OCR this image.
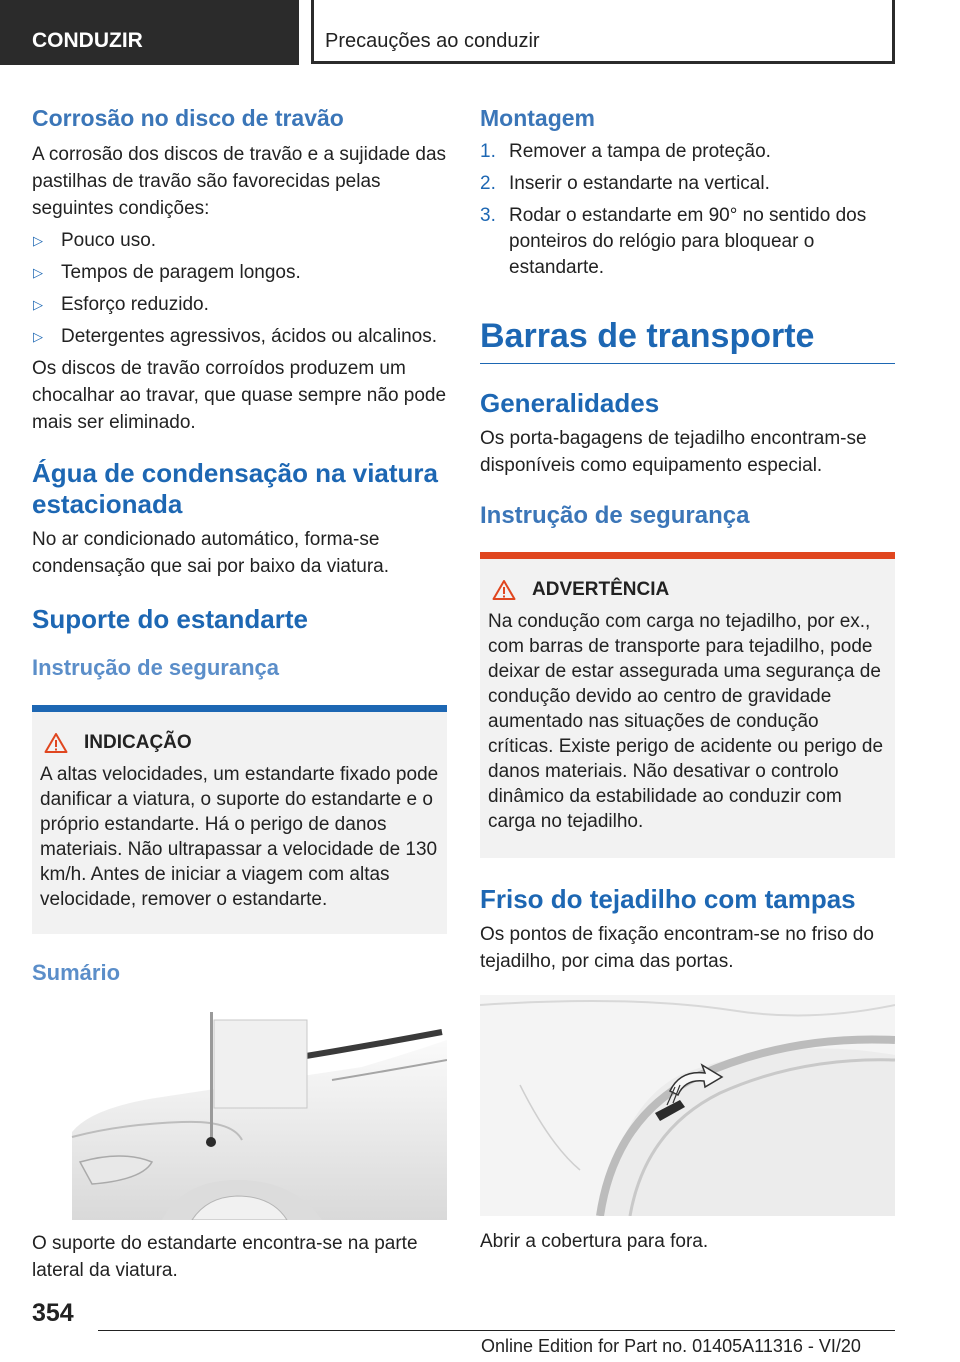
CONDUZIR	Precauções ao conduzir
Corrosão no disco de travão

A corrosão dos discos de travão e a sujidade das pastilhas de travão são favorecidas pelas seguintes condições:

▷ Pouco uso.
▷ Tempos de paragem longos.
▷ Esforço reduzido.
▷ Detergentes agressivos, ácidos ou alcalinos.

Os discos de travão corroídos produzem um chocalhar ao travar, que quase sempre não pode mais ser eliminado.

Água de condensação na viatura estacionada

No ar condicionado automático, forma-se condensação que sai por baixo da viatura.

Suporte do estandarte
Instrução de segurança
INDICAÇÃO

A altas velocidades, um estandarte fixado pode danificar a viatura, o suporte do estandarte e o próprio estandarte. Há o perigo de danos materiais. Não ultrapassar a velocidade de 130 km/h. Antes de iniciar a viagem com altas velocidade, remover o estandarte.

Sumário

O suporte do estandarte encontra-se na parte lateral da viatura.

Montagem
1. Remover a tampa de proteção.
2. Inserir o estandarte na vertical.
3. Rodar o estandarte em 90° no sentido dos ponteiros do relógio para bloquear o estandarte.
Barras de transporte
Generalidades

Os porta-bagagens de tejadilho encontram-se disponíveis como equipamento especial.

Instrução de segurança
ADVERTÊNCIA

Na condução com carga no tejadilho, por ex., com barras de transporte para tejadilho, pode deixar de estar assegurada uma segurança de condução devido ao centro de gravidade aumentado nas situações de condução críticas. Existe perigo de acidente ou perigo de danos materiais. Não desativar o controlo dinâmico da estabilidade ao conduzir com carga no tejadilho.

Friso do tejadilho com tampas

Os pontos de fixação encontram-se no friso do tejadilho, por cima das portas.

Abrir a cobertura para fora.

354
Online Edition for Part no. 01405A11316 - VI/20
